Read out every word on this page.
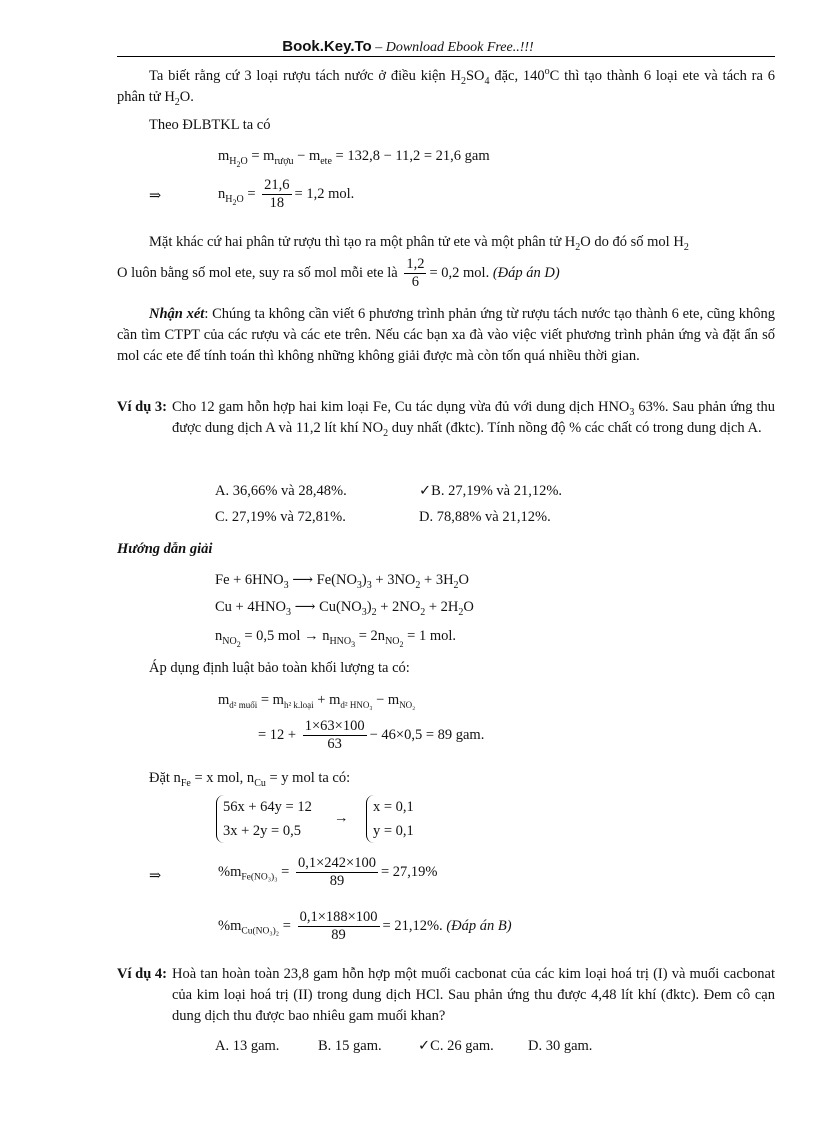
Book.Key.To – Download Ebook Free..!!!
Ta biết rằng cứ 3 loại rượu tách nước ở điều kiện $H_2SO_4$ đặc, 140$^o$C thì tạo thành 6 loại ete và tách ra 6 phân tử $H_2O$.
Theo ĐLBTKL ta có
$m_{H_2O} = m_{rượu} - m_{ete} = 132,8 - 11,2 = 21,6$ gam
⇒	$n_{H_2O} = \frac{21,6}{18} = 1,2$ mol.
Mặt khác cứ hai phân tử rượu thì tạo ra một phân tử ete và một phân tử $H_2O$ do đó số mol $H_2$
O luôn bằng số mol ete, suy ra số mol mỗi ete là $\frac{1,2}{6} = 0,2$ mol. (Đáp án D)
Nhận xét: Chúng ta không cần viết 6 phương trình phản ứng từ rượu tách nước tạo thành 6 ete, cũng không cần tìm CTPT của các rượu và các ete trên. Nếu các bạn xa đà vào việc viết phương trình phản ứng và đặt ẩn số mol các ete để tính toán thì không những không giải được mà còn tốn quá nhiều thời gian.
Ví dụ 3: Cho 12 gam hỗn hợp hai kim loại Fe, Cu tác dụng vừa đủ với dung dịch $HNO_3$ 63%. Sau phản ứng thu được dung dịch A và 11,2 lít khí $NO_2$ duy nhất (đktc). Tính nồng độ % các chất có trong dung dịch A.
A. 36,66% và 28,48%.	✓B. 27,19% và 21,12%.
C. 27,19% và 72,81%.	D. 78,88% và 21,12%.
Hướng dẫn giải
$Fe + 6HNO_3$ ⟶ $Fe(NO_3)_3 + 3NO_2 + 3H_2O$
$Cu + 4HNO_3$ ⟶ $Cu(NO_3)_2 + 2NO_2 + 2H_2O$
$n_{NO_2} = 0,5$ mol → $n_{HNO_3} = 2n_{NO_2} = 1$ mol.
Áp dụng định luật bảo toàn khối lượng ta có:
$m_{d^2 muối} = m_{h^2 k.loại} + m_{d^2 HNO_3} - m_{NO_2}$
= $12 + \frac{1\times 63\times 100}{63} - 46\times 0,5 = 89$ gam.
Đặt $n_{Fe} = x$ mol, $n_{Cu} = y$ mol ta có:
56x + 64y = 12
3x + 2y = 0,5
→
x = 0,1
y = 0,1
⇒	$\%m_{Fe(NO_3)_3} = \frac{0,1\times 242\times 100}{89} = 27,19\%$
$\%m_{Cu(NO_3)_2} = \frac{0,1\times 188\times 100}{89} = 21,12\%$. (Đáp án B)
Ví dụ 4: Hoà tan hoàn toàn 23,8 gam hỗn hợp một muối cacbonat của các kim loại hoá trị (I) và muối cacbonat của kim loại hoá trị (II) trong dung dịch HCl. Sau phản ứng thu được 4,48 lít khí (đktc). Đem cô cạn dung dịch thu được bao nhiêu gam muối khan?
A. 13 gam.	B. 15 gam.	✓C. 26 gam. D. 30 gam.
